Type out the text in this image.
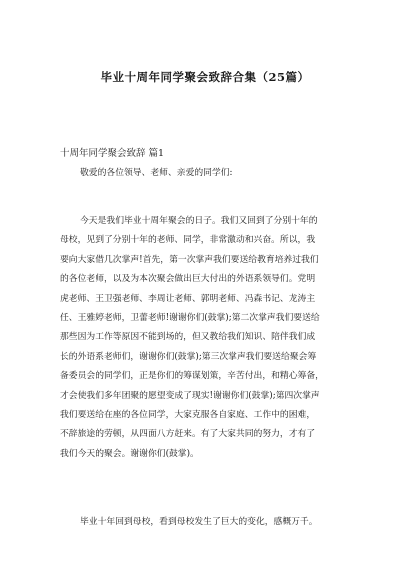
毕业十周年同学聚会致辞合集（25篇）
十周年同学聚会致辞 篇1

敬爱的各位领导、老师、亲爱的同学们:

今天是我们毕业十周年聚会的日子。我们又回到了分别十年的
母校，见到了分别十年的老师、同学，非常激动和兴奋。所以，我
要向大家借几次掌声!首先，第一次掌声我们要送给教育培养过我们
的各位老师，以及为本次聚会做出巨大付出的外语系领导们。党明
虎老师、王卫强老师、李周让老师、郭明老师、冯森书记、龙涛主
任、王雅婷老师，卫蕾老师!谢谢你们(鼓掌);第二次掌声我们要送给
那些因为工作等原因不能到场的，但又教给我们知识、陪伴我们成
长的外语系老师们，谢谢你们(鼓掌);第三次掌声我们要送给聚会筹
备委员会的同学们，正是你们的筹谋划策，辛苦付出，和精心筹备，
才会使我们多年团聚的愿望变成了现实!谢谢你们(鼓掌);第四次掌声
我们要送给在座的各位同学，大家克服各自家庭、工作中的困难，
不辞旅途的劳顿，从四面八方赶来。有了大家共同的努力，才有了
我们今天的聚会。谢谢你们(鼓掌)。

毕业十年回到母校，看到母校发生了巨大的变化，感概万千。
